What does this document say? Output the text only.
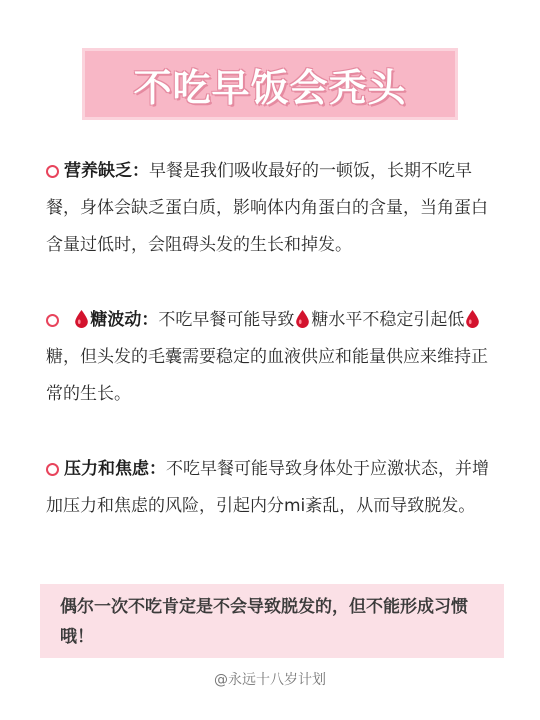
不吃早饭会秃头
营养缺乏：早餐是我们吸收最好的一顿饭，长期不吃早餐，身体会缺乏蛋白质，影响体内角蛋白的含量，当角蛋白含量过低时，会阻碍头发的生长和掉发。
糖波动：不吃早餐可能导致 糖水平不稳定引起低糖，但头发的毛囊需要稳定的血液供应和能量供应来维持正常的生长。
压力和焦虑：不吃早餐可能导致身体处于应激状态，并增加压力和焦虑的风险，引起内分mi紊乱，从而导致脱发。
偶尔一次不吃肯定是不会导致脱发的，但不能形成习惯哦！
@永远十八岁计划
